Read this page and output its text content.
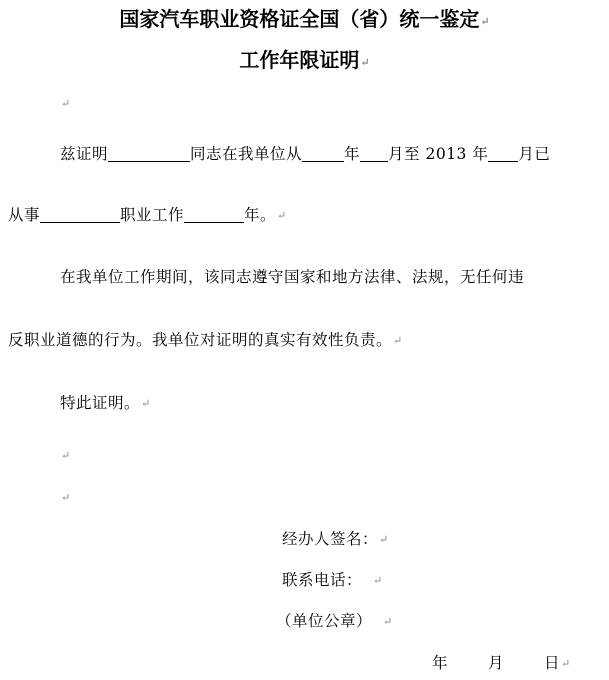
国家汽车职业资格证全国（省）统一鉴定↵
工作年限证明↵
↵
兹证明	同志在我单位从	年 月至 2013 年 月已
从事	职业工作	年。↵
在我单位工作期间，该同志遵守国家和地方法律、法规，无任何违
反职业道德的行为。我单位对证明的真实有效性负责。↵
特此证明。↵
↵
↵
经办人签名：↵
联系电话： ↵
（单位公章） ↵
年	月	日↵
